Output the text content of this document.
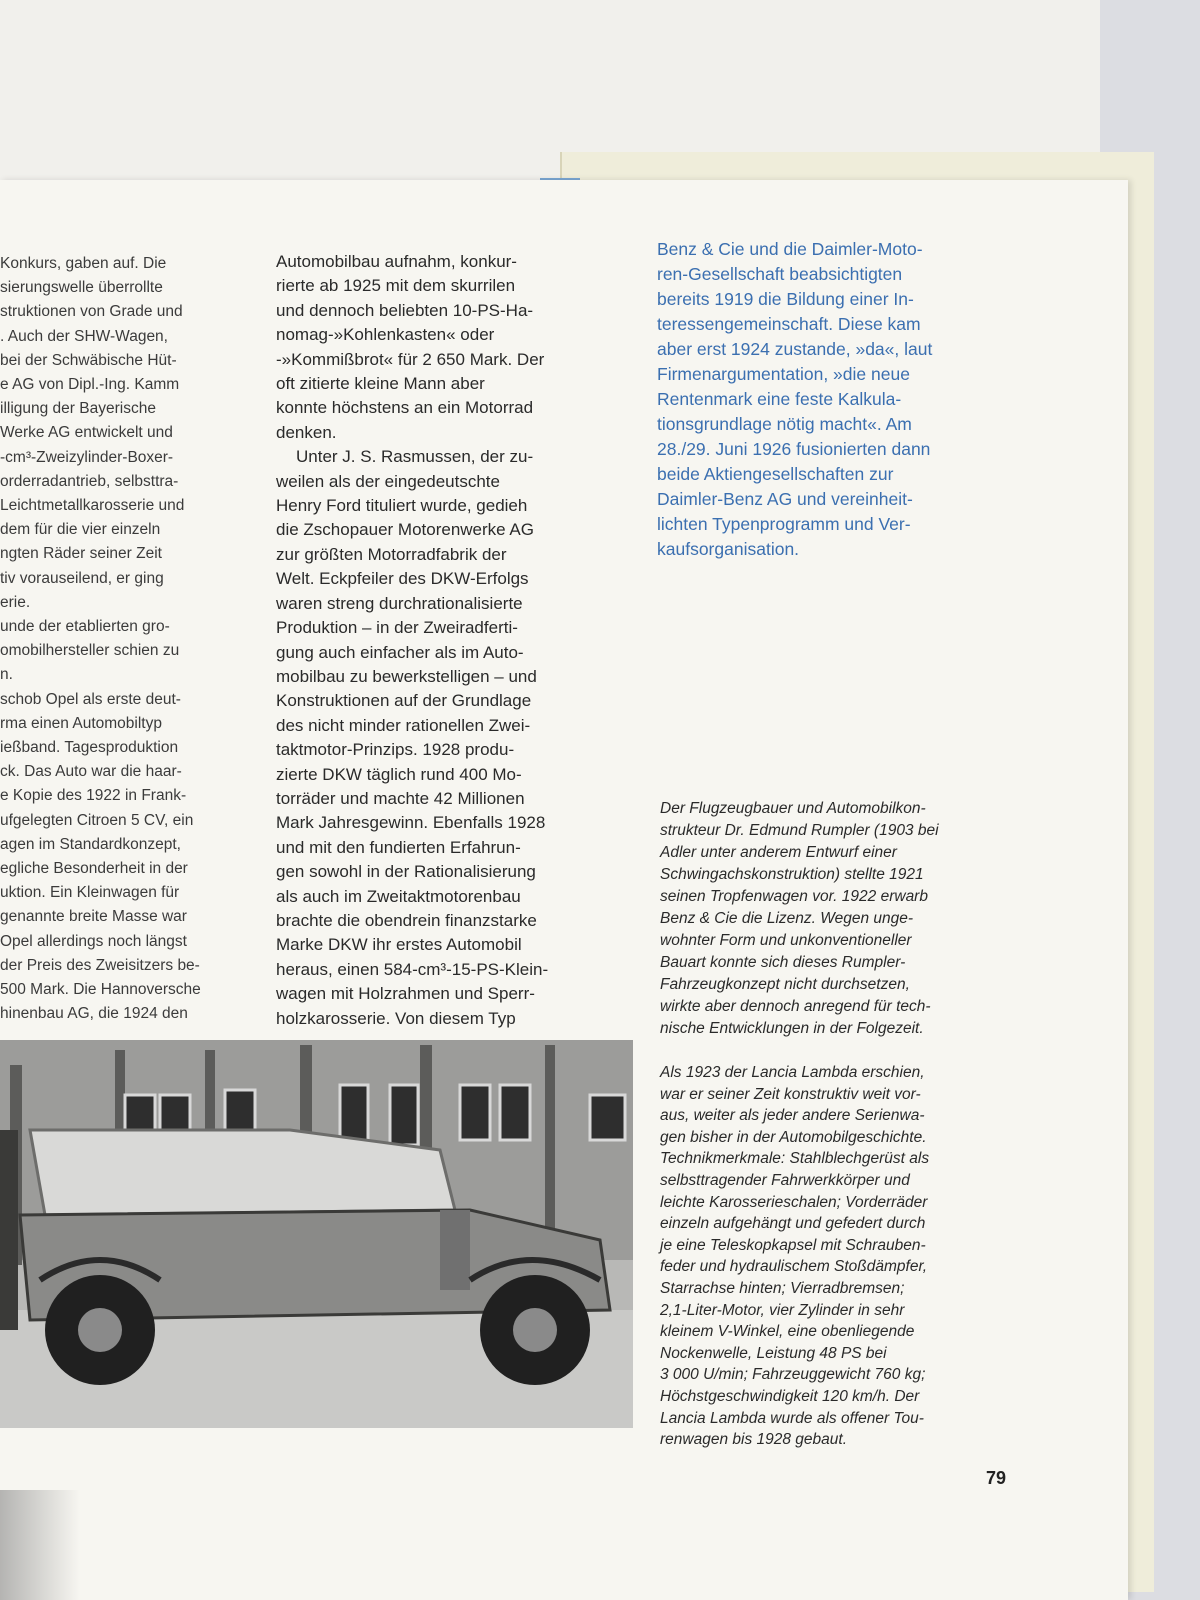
Konkurs, gaben auf. Die
sierungswelle überrollte
struktionen von Grade und
. Auch der SHW-Wagen,
bei der Schwäbische Hüt-
e AG von Dipl.-Ing. Kamm
illigung der Bayerische
Werke AG entwickelt und
-cm³-Zweizylinder-Boxer-
orderradantrieb, selbsttra-
Leichtmetallkarosserie und
dem für die vier einzeln
ngten Räder seiner Zeit
tiv vorauseilend, er ging
erie.
unde der etablierten gro-
omobilhersteller schien zu
n.
schob Opel als erste deut-
rma einen Automobiltyp
ießband. Tagesproduktion
ck. Das Auto war die haar-
e Kopie des 1922 in Frank-
ufgelegten Citroen 5 CV, ein
agen im Standardkonzept,
egliche Besonderheit in der
uktion. Ein Kleinwagen für
genannte breite Masse war
Opel allerdings noch längst
der Preis des Zweisitzers be-
500 Mark. Die Hannoversche
hinenbau AG, die 1924 den
Automobilbau aufnahm, konkur-
rierte ab 1925 mit dem skurrilen
und dennoch beliebten 10-PS-Ha-
nomag-»Kohlenkasten« oder
-»Kommißbrot« für 2 650 Mark. Der
oft zitierte kleine Mann aber
konnte höchstens an ein Motorrad
denken.
Unter J. S. Rasmussen, der zu-
weilen als der eingedeutschte
Henry Ford tituliert wurde, gedieh
die Zschopauer Motorenwerke AG
zur größten Motorradfabrik der
Welt. Eckpfeiler des DKW-Erfolgs
waren streng durchrationalisierte
Produktion – in der Zweiradferti-
gung auch einfacher als im Auto-
mobilbau zu bewerkstelligen – und
Konstruktionen auf der Grundlage
des nicht minder rationellen Zwei-
taktmotor-Prinzips. 1928 produ-
zierte DKW täglich rund 400 Mo-
torräder und machte 42 Millionen
Mark Jahresgewinn. Ebenfalls 1928
und mit den fundierten Erfahrun-
gen sowohl in der Rationalisierung
als auch im Zweitaktmotorenbau
brachte die obendrein finanzstarke
Marke DKW ihr erstes Automobil
heraus, einen 584-cm³-15-PS-Klein-
wagen mit Holzrahmen und Sperr-
holzkarosserie. Von diesem Typ
Benz & Cie und die Daimler-Moto-
ren-Gesellschaft beabsichtigten
bereits 1919 die Bildung einer In-
teressengemeinschaft. Diese kam
aber erst 1924 zustande, »da«, laut
Firmenargumentation, »die neue
Rentenmark eine feste Kalkula-
tionsgrundlage nötig macht«. Am
28./29. Juni 1926 fusionierten dann
beide Aktiengesellschaften zur
Daimler-Benz AG und vereinheit-
lichten Typenprogramm und Ver-
kaufsorganisation.
Der Flugzeugbauer und Automobilkon-
strukteur Dr. Edmund Rumpler (1903 bei
Adler unter anderem Entwurf einer
Schwingachskonstruktion) stellte 1921
seinen Tropfenwagen vor. 1922 erwarb
Benz & Cie die Lizenz. Wegen unge-
wohnter Form und unkonventioneller
Bauart konnte sich dieses Rumpler-
Fahrzeugkonzept nicht durchsetzen,
wirkte aber dennoch anregend für tech-
nische Entwicklungen in der Folgezeit.
Als 1923 der Lancia Lambda erschien,
war er seiner Zeit konstruktiv weit vor-
aus, weiter als jeder andere Serienwa-
gen bisher in der Automobilgeschichte.
Technikmerkmale: Stahlblechgerüst als
selbsttragender Fahrwerkkörper und
leichte Karosserieschalen; Vorderräder
einzeln aufgehängt und gefedert durch
je eine Teleskopkapsel mit Schrauben-
feder und hydraulischem Stoßdämpfer,
Starrachse hinten; Vierradbremsen;
2,1-Liter-Motor, vier Zylinder in sehr
kleinem V-Winkel, eine obenliegende
Nockenwelle, Leistung 48 PS bei
3 000 U/min; Fahrzeuggewicht 760 kg;
Höchstgeschwindigkeit 120 km/h. Der
Lancia Lambda wurde als offener Tou-
renwagen bis 1928 gebaut.
79
